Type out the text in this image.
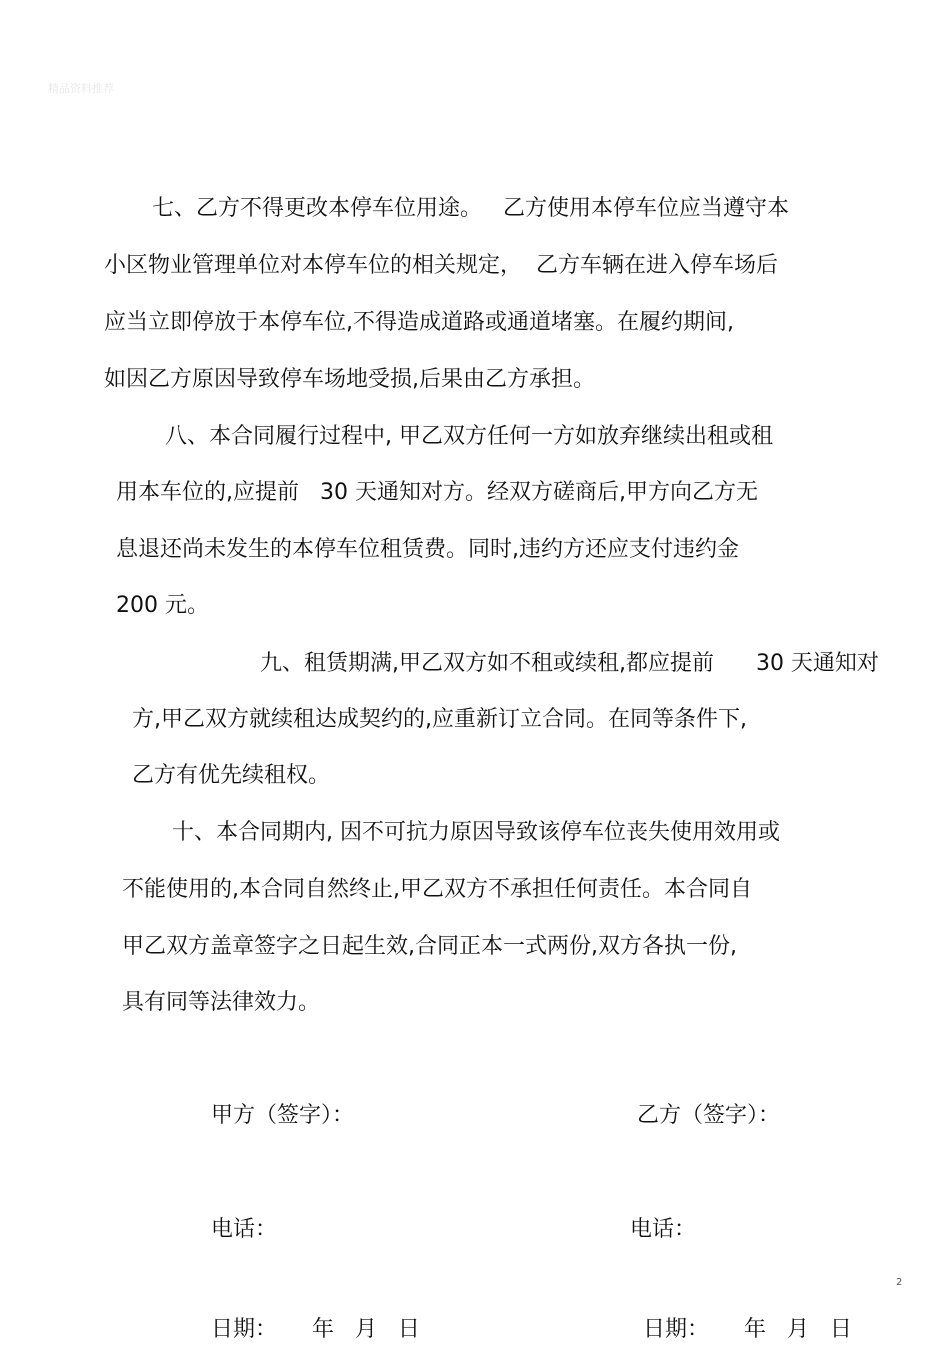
精品资料推荐
七、乙方不得更改本停车位用途。   乙方使用本停车位应当遵守本
小区物业管理单位对本停车位的相关规定，  乙方车辆在进入停车场后
应当立即停放于本停车位,不得造成道路或通道堵塞。在履约期间,
如因乙方原因导致停车场地受损,后果由乙方承担。
八、本合同履行过程中, 甲乙双方任何一方如放弃继续出租或租
用本车位的,应提前   30 天通知对方。经双方磋商后,甲方向乙方无
息退还尚未发生的本停车位租赁费。同时,违约方还应支付违约金
200 元。
九、租赁期满,甲乙双方如不租或续租,都应提前      30 天通知对
方,甲乙双方就续租达成契约的,应重新订立合同。在同等条件下,
乙方有优先续租权。
十、本合同期内, 因不可抗力原因导致该停车位丧失使用效用或
不能使用的,本合同自然终止,甲乙双方不承担任何责任。本合同自
甲乙双方盖章签字之日起生效,合同正本一式两份,双方各执一份,
具有同等法律效力。
甲方（签字）：	乙方（签字）：
电话：	电话：
日期：     年   月   日	日期：     年   月   日
2
